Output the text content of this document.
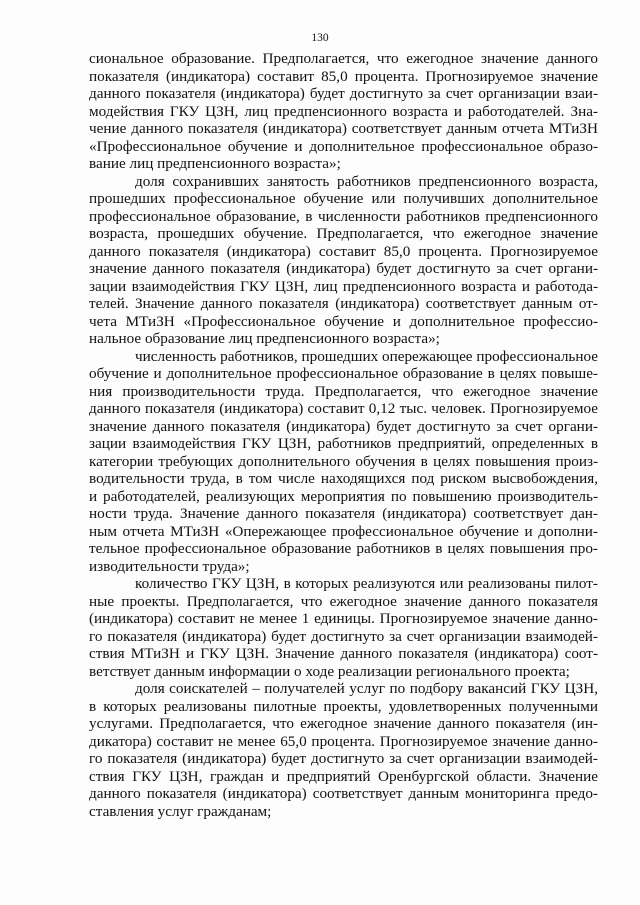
130
сиональное образование. Предполагается, что ежегодное значение данного
показателя (индикатора) составит 85,0 процента. Прогнозируемое значение
данного показателя (индикатора) будет достигнуто за счет организации взаи-
модействия ГКУ ЦЗН, лиц предпенсионного возраста и работодателей. Зна-
чение данного показателя (индикатора) соответствует данным отчета МТиЗН
«Профессиональное обучение и дополнительное профессиональное образо-
вание лиц предпенсионного возраста»;
доля сохранивших занятость работников предпенсионного возраста,
прошедших профессиональное обучение или получивших дополнительное
профессиональное образование, в численности работников предпенсионного
возраста, прошедших обучение. Предполагается, что ежегодное значение
данного показателя (индикатора) составит 85,0 процента. Прогнозируемое
значение данного показателя (индикатора) будет достигнуто за счет органи-
зации взаимодействия ГКУ ЦЗН, лиц предпенсионного возраста и работода-
телей. Значение данного показателя (индикатора) соответствует данным от-
чета МТиЗН «Профессиональное обучение и дополнительное профессио-
нальное образование лиц предпенсионного возраста»;
численность работников, прошедших опережающее профессиональное
обучение и дополнительное профессиональное образование в целях повыше-
ния производительности труда. Предполагается, что ежегодное значение
данного показателя (индикатора) составит 0,12 тыс. человек. Прогнозируемое
значение данного показателя (индикатора) будет достигнуто за счет органи-
зации взаимодействия ГКУ ЦЗН, работников предприятий, определенных в
категории требующих дополнительного обучения в целях повышения произ-
водительности труда, в том числе находящихся под риском высвобождения,
и работодателей, реализующих мероприятия по повышению производитель-
ности труда. Значение данного показателя (индикатора) соответствует дан-
ным отчета МТиЗН «Опережающее профессиональное обучение и дополни-
тельное профессиональное образование работников в целях повышения про-
изводительности труда»;
количество ГКУ ЦЗН, в которых реализуются или реализованы пилот-
ные проекты. Предполагается, что ежегодное значение данного показателя
(индикатора) составит не менее 1 единицы. Прогнозируемое значение данно-
го показателя (индикатора) будет достигнуто за счет организации взаимодей-
ствия МТиЗН и ГКУ ЦЗН. Значение данного показателя (индикатора) соот-
ветствует данным информации о ходе реализации регионального проекта;
доля соискателей – получателей услуг по подбору вакансий ГКУ ЦЗН,
в которых реализованы пилотные проекты, удовлетворенных полученными
услугами. Предполагается, что ежегодное значение данного показателя (ин-
дикатора) составит не менее 65,0 процента. Прогнозируемое значение данно-
го показателя (индикатора) будет достигнуто за счет организации взаимодей-
ствия ГКУ ЦЗН, граждан и предприятий Оренбургской области. Значение
данного показателя (индикатора) соответствует данным мониторинга предо-
ставления услуг гражданам;
